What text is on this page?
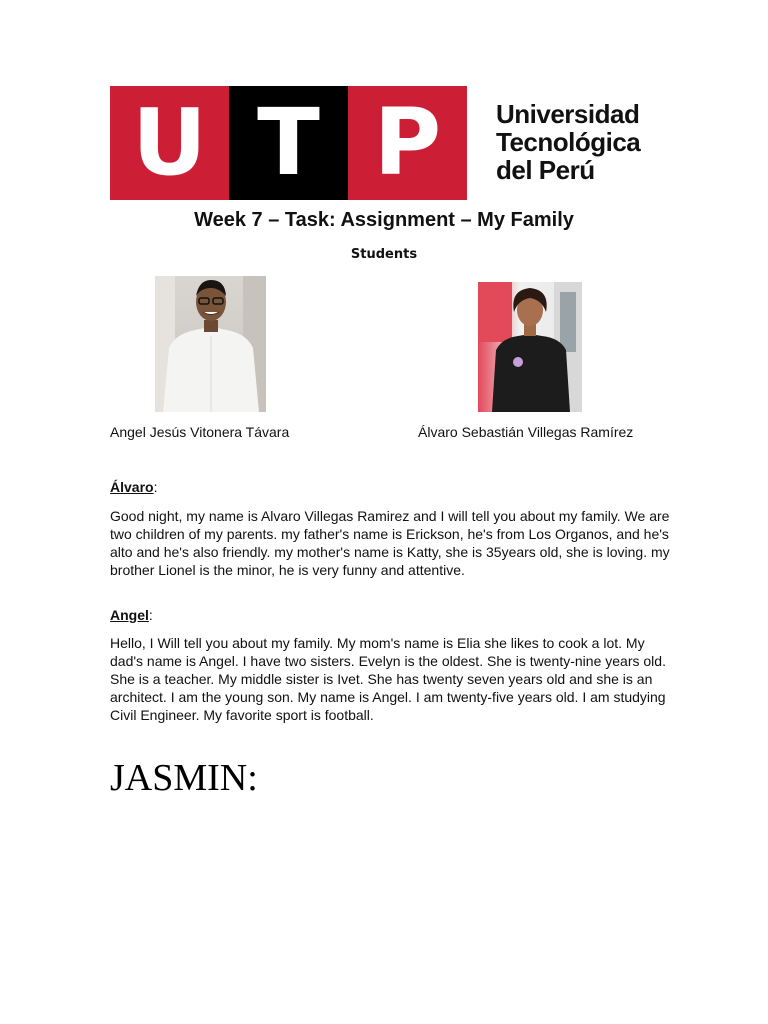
U T P Universidad
Tecnológica
del Perú
Week 7 – Task: Assignment – My Family
Students
Angel Jesús Vitonera Távara	Álvaro Sebastián Villegas Ramírez
Álvaro:
Good night, my name is Alvaro Villegas Ramirez and I will tell you about my family. We are two children of my parents. my father's name is Erickson, he's from Los Organos, and he's alto and he's also friendly. my mother's name is Katty, she is 35years old, she is loving. my brother Lionel is the minor, he is very funny and attentive.
Angel:
Hello, I Will tell you about my family. My mom's name is Elia she likes to cook a lot. My dad's name is Angel. I have two sisters. Evelyn is the oldest. She is twenty-nine years old. She is a teacher. My middle sister is Ivet. She has twenty seven years old and she is an architect. I am the young son. My name is Angel. I am twenty-five years old. I am studying Civil Engineer. My favorite sport is football.
JASMIN:
